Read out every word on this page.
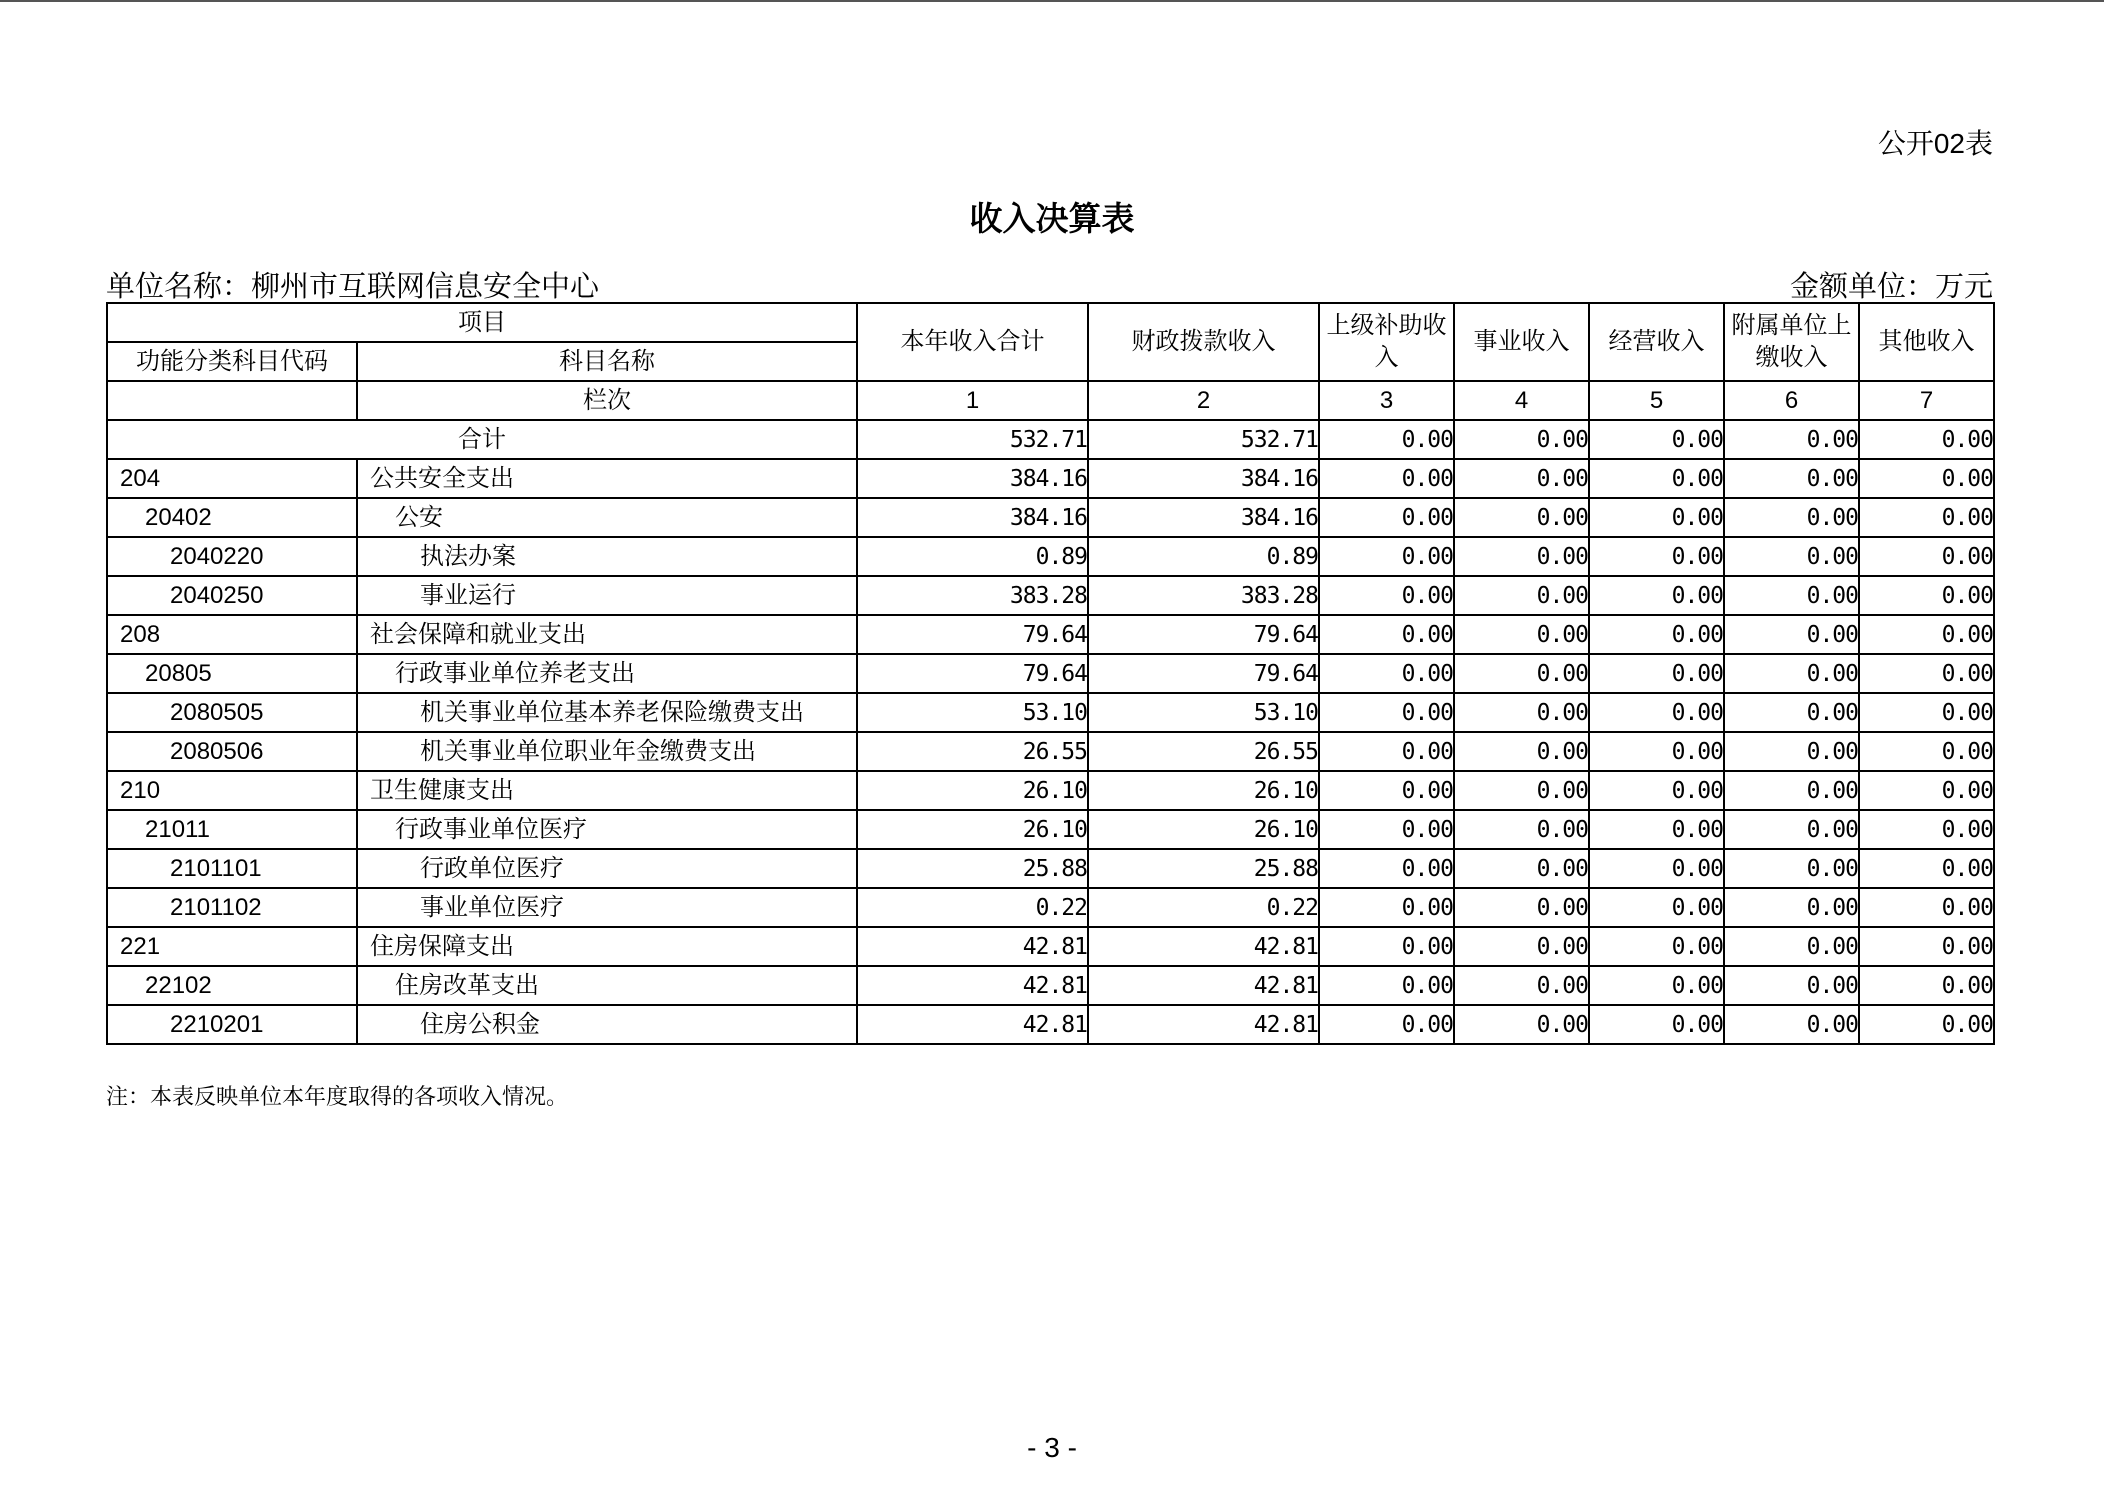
公开02表
收入决算表
单位名称：柳州市互联网信息安全中心	金额单位：万元
项目		本年收入合计	财政拨款收入	上级补助收入	事业收入	经营收入	附属单位上缴收入	其他收入
功能分类科目代码	科目名称							
	栏次	1	2	3	4	5	6	7
合计		532.71	532.71	0.00	0.00	0.00	0.00	0.00
204	公共安全支出	384.16	384.16	0.00	0.00	0.00	0.00	0.00
20402	公安	384.16	384.16	0.00	0.00	0.00	0.00	0.00
2040220	执法办案	0.89	0.89	0.00	0.00	0.00	0.00	0.00
2040250	事业运行	383.28	383.28	0.00	0.00	0.00	0.00	0.00
208	社会保障和就业支出	79.64	79.64	0.00	0.00	0.00	0.00	0.00
20805	行政事业单位养老支出	79.64	79.64	0.00	0.00	0.00	0.00	0.00
2080505	机关事业单位基本养老保险缴费支出	53.10	53.10	0.00	0.00	0.00	0.00	0.00
2080506	机关事业单位职业年金缴费支出	26.55	26.55	0.00	0.00	0.00	0.00	0.00
210	卫生健康支出	26.10	26.10	0.00	0.00	0.00	0.00	0.00
21011	行政事业单位医疗	26.10	26.10	0.00	0.00	0.00	0.00	0.00
2101101	行政单位医疗	25.88	25.88	0.00	0.00	0.00	0.00	0.00
2101102	事业单位医疗	0.22	0.22	0.00	0.00	0.00	0.00	0.00
221	住房保障支出	42.81	42.81	0.00	0.00	0.00	0.00	0.00
22102	住房改革支出	42.81	42.81	0.00	0.00	0.00	0.00	0.00
2210201	住房公积金	42.81	42.81	0.00	0.00	0.00	0.00	0.00
注：本表反映单位本年度取得的各项收入情况。
- 3 -
